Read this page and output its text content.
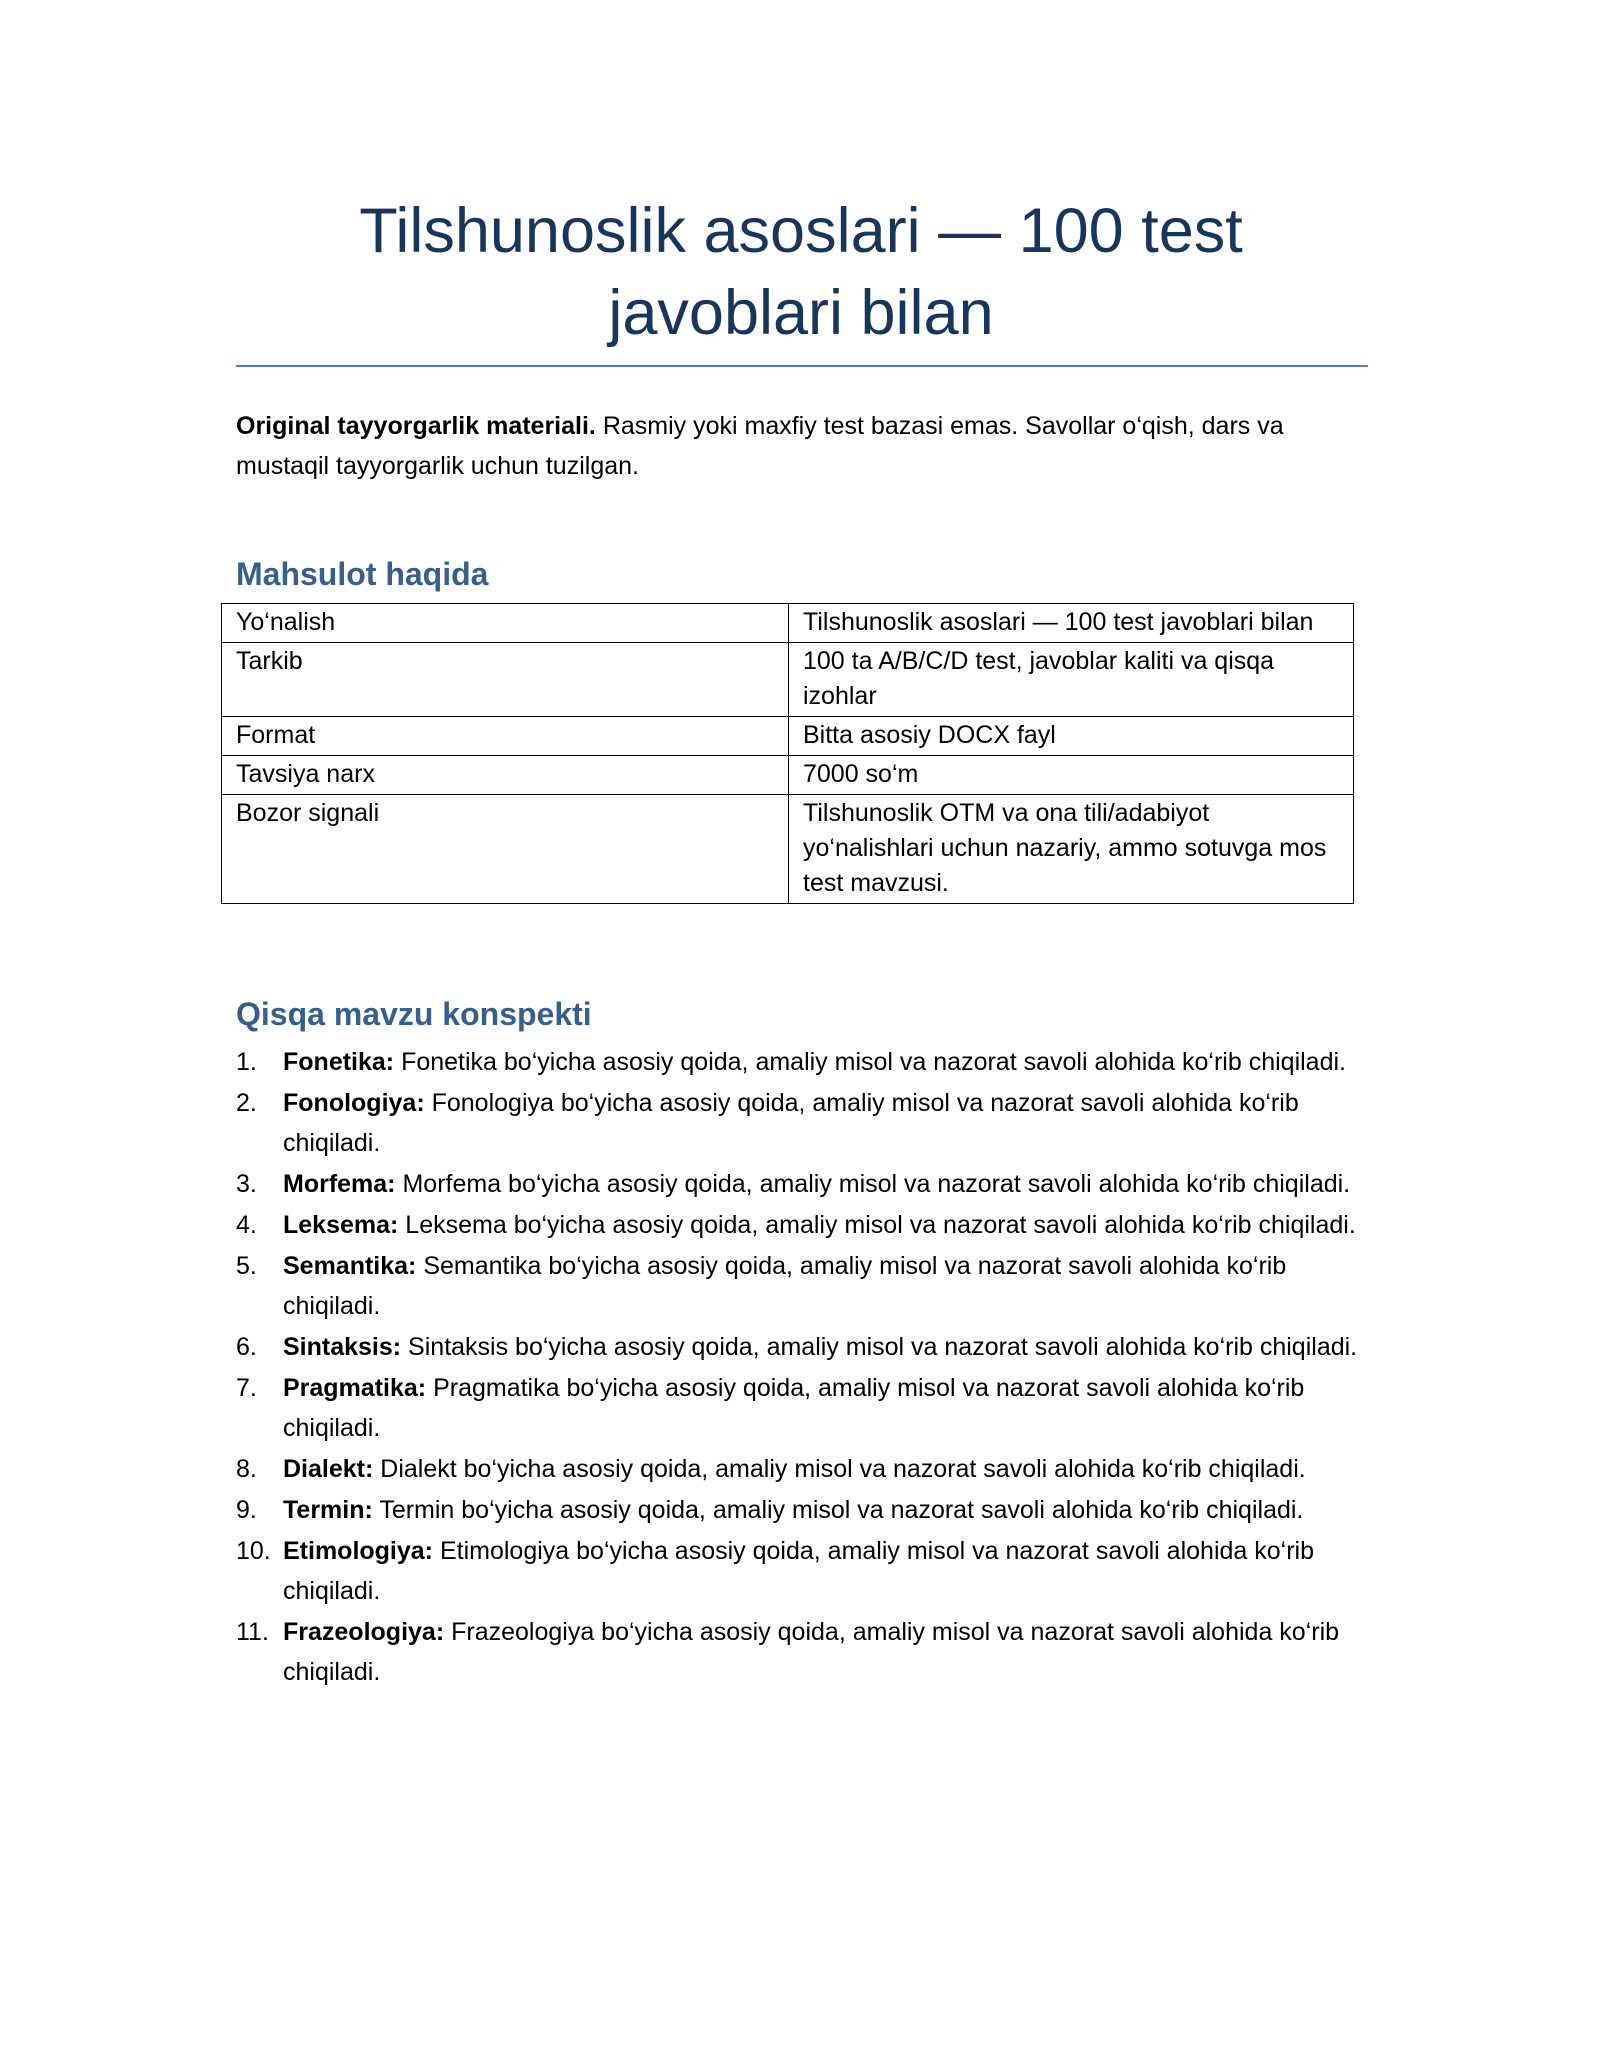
Tilshunoslik asoslari — 100 test javoblari bilan
Original tayyorgarlik materiali. Rasmiy yoki maxfiy test bazasi emas. Savollar o‘qish, dars va mustaqil tayyorgarlik uchun tuzilgan.
Mahsulot haqida
Yo‘nalish	Tilshunoslik asoslari — 100 test javoblari bilan
Tarkib	100 ta A/B/C/D test, javoblar kaliti va qisqa izohlar
Format	Bitta asosiy DOCX fayl
Tavsiya narx	7000 so‘m
Bozor signali	Tilshunoslik OTM va ona tili/adabiyot yo‘nalishlari uchun nazariy, ammo sotuvga mos test mavzusi.
Qisqa mavzu konspekti
1. Fonetika: Fonetika bo‘yicha asosiy qoida, amaliy misol va nazorat savoli alohida ko‘rib chiqiladi.
2. Fonologiya: Fonologiya bo‘yicha asosiy qoida, amaliy misol va nazorat savoli alohida ko‘rib chiqiladi.
3. Morfema: Morfema bo‘yicha asosiy qoida, amaliy misol va nazorat savoli alohida ko‘rib chiqiladi.
4. Leksema: Leksema bo‘yicha asosiy qoida, amaliy misol va nazorat savoli alohida ko‘rib chiqiladi.
5. Semantika: Semantika bo‘yicha asosiy qoida, amaliy misol va nazorat savoli alohida ko‘rib chiqiladi.
6. Sintaksis: Sintaksis bo‘yicha asosiy qoida, amaliy misol va nazorat savoli alohida ko‘rib chiqiladi.
7. Pragmatika: Pragmatika bo‘yicha asosiy qoida, amaliy misol va nazorat savoli alohida ko‘rib chiqiladi.
8. Dialekt: Dialekt bo‘yicha asosiy qoida, amaliy misol va nazorat savoli alohida ko‘rib chiqiladi.
9. Termin: Termin bo‘yicha asosiy qoida, amaliy misol va nazorat savoli alohida ko‘rib chiqiladi.
10. Etimologiya: Etimologiya bo‘yicha asosiy qoida, amaliy misol va nazorat savoli alohida ko‘rib chiqiladi.
11. Frazeologiya: Frazeologiya bo‘yicha asosiy qoida, amaliy misol va nazorat savoli alohida ko‘rib chiqiladi.
